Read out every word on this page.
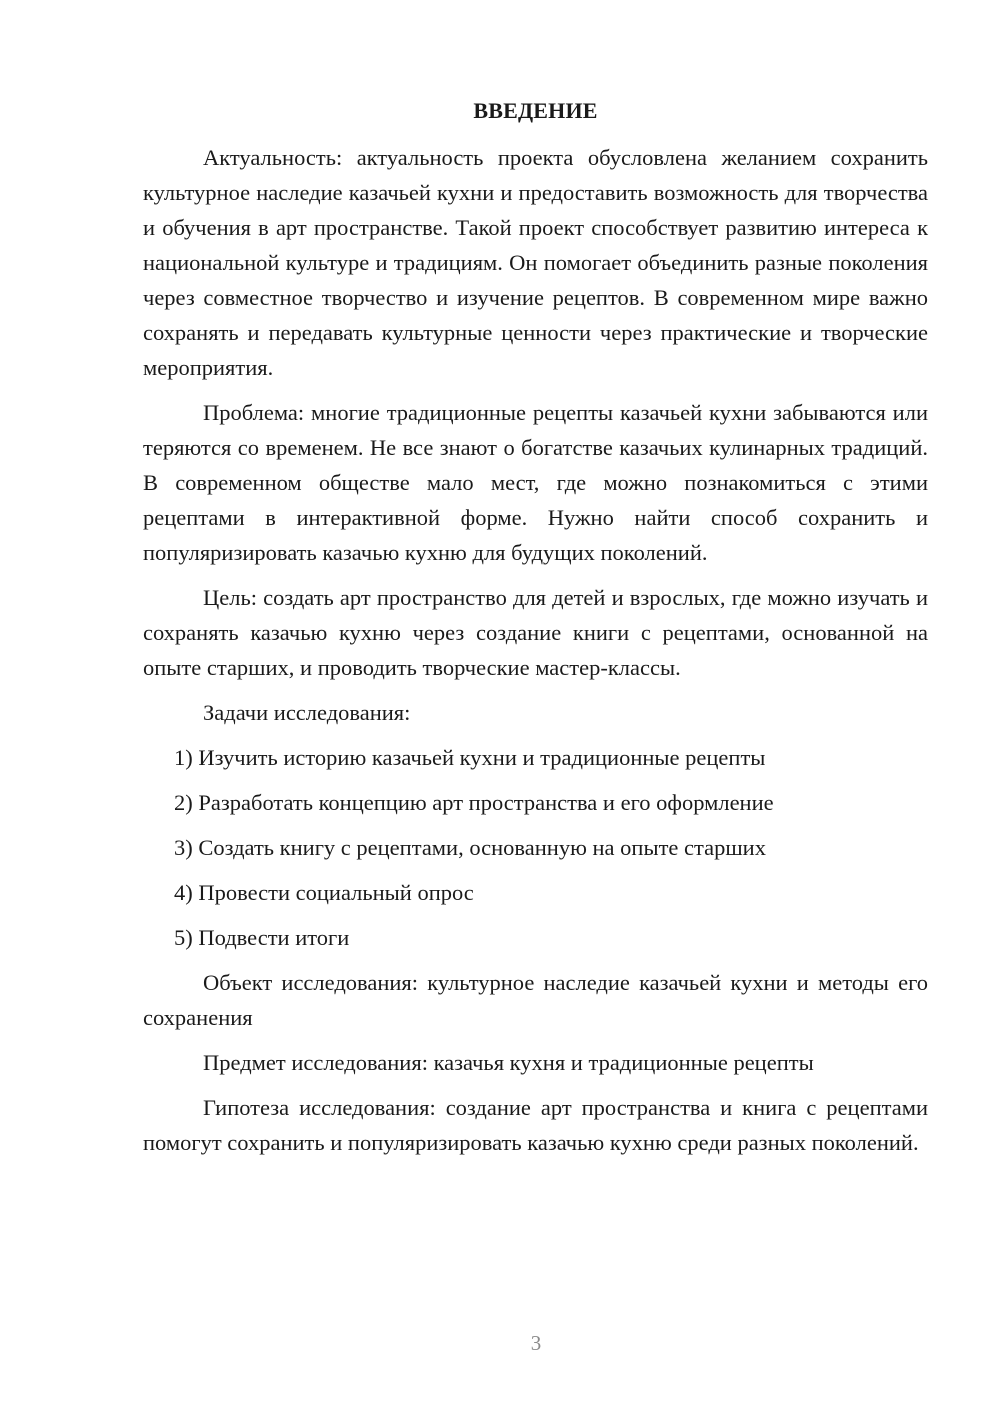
ВВЕДЕНИЕ

Актуальность: актуальность проекта обусловлена желанием сохранить культурное наследие казачьей кухни и предоставить возможность для творчества и обучения в арт пространстве. Такой проект способствует развитию интереса к национальной культуре и традициям. Он помогает объединить разные поколения через совместное творчество и изучение рецептов. В современном мире важно сохранять и передавать культурные ценности через практические и творческие мероприятия.

Проблема: многие традиционные рецепты казачьей кухни забываются или теряются со временем. Не все знают о богатстве казачьих кулинарных традиций. В современном обществе мало мест, где можно познакомиться с этими рецептами в интерактивной форме. Нужно найти способ сохранить и популяризировать казачью кухню для будущих поколений.

Цель: создать арт пространство для детей и взрослых, где можно изучать и сохранять казачью кухню через создание книги с рецептами, основанной на опыте старших, и проводить творческие мастер-классы.

Задачи исследования:

1) Изучить историю казачьей кухни и традиционные рецепты
2) Разработать концепцию арт пространства и его оформление
3) Создать книгу с рецептами, основанную на опыте старших
4) Провести социальный опрос
5) Подвести итоги

Объект исследования: культурное наследие казачьей кухни и методы его сохранения

Предмет исследования: казачья кухня и традиционные рецепты

Гипотеза исследования: создание арт пространства и книга с рецептами помогут сохранить и популяризировать казачью кухню среди разных поколений.

3
